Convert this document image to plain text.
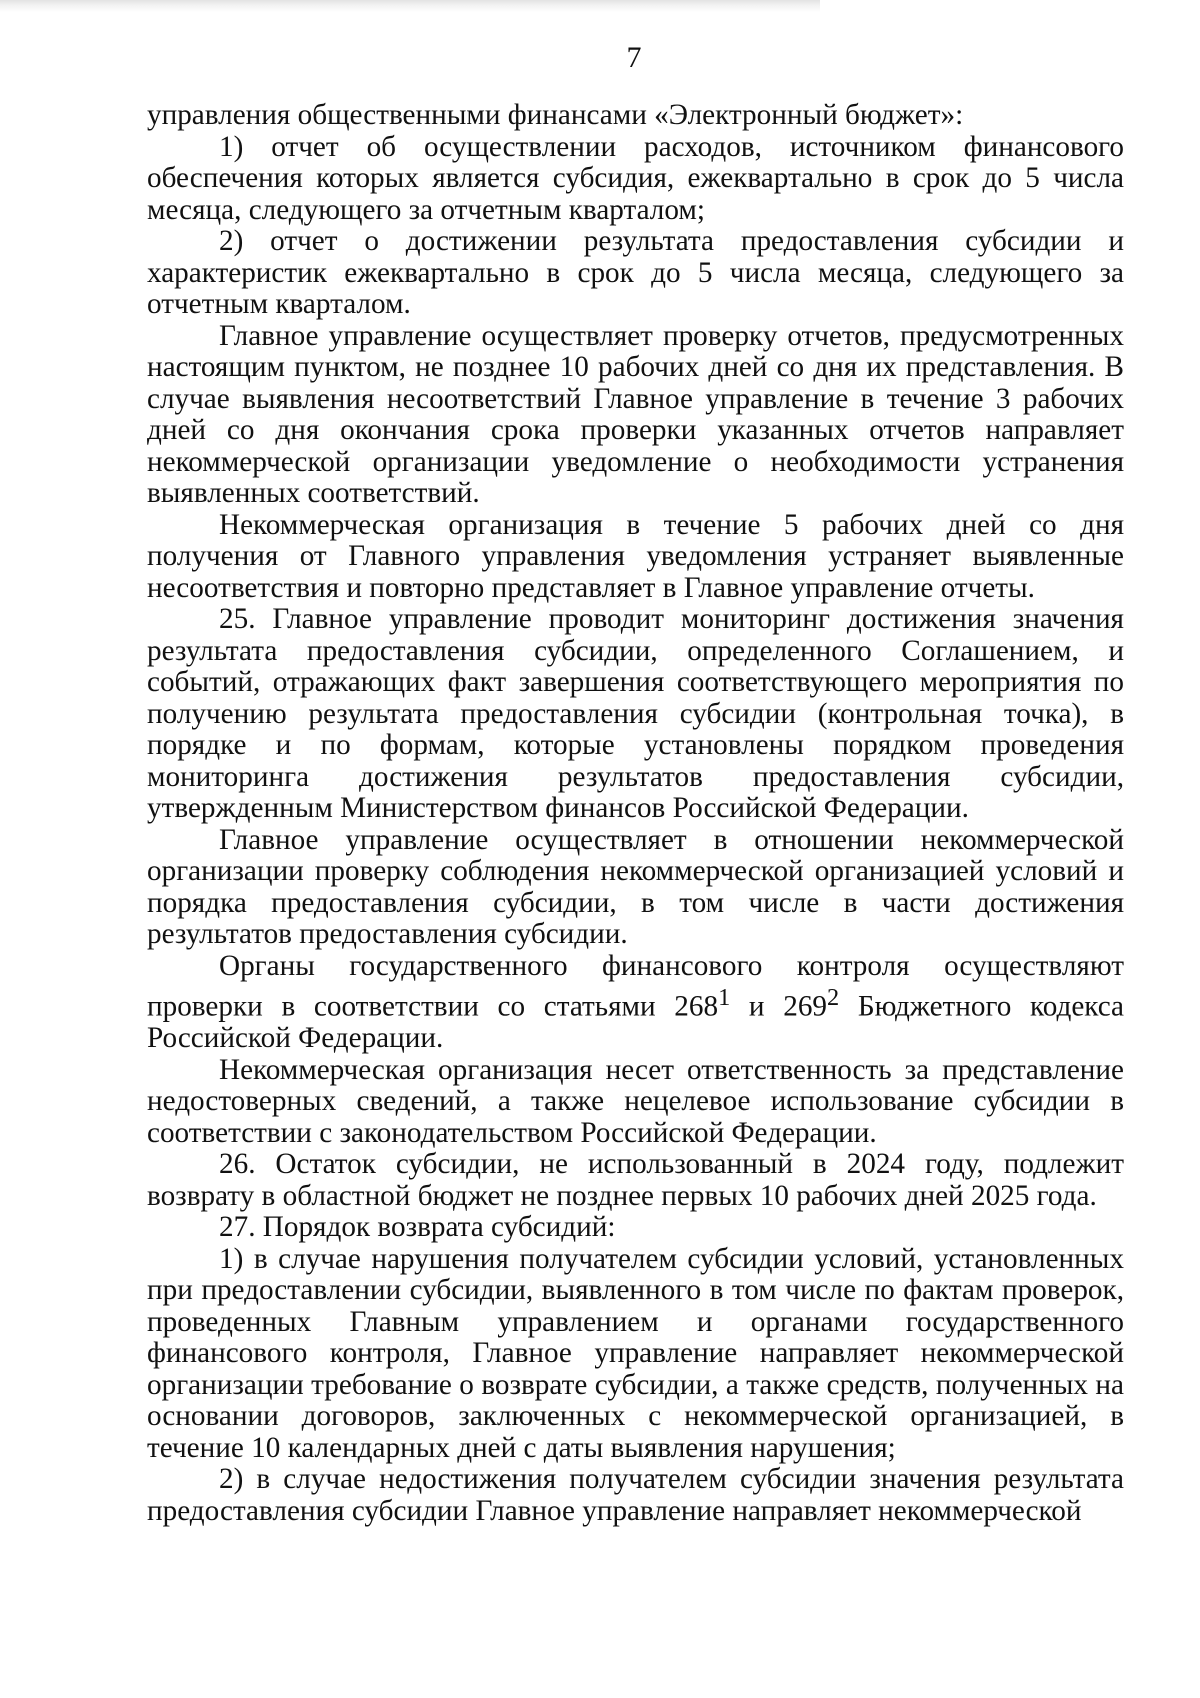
7

управления общественными финансами «Электронный бюджет»:

1) отчет об осуществлении расходов, источником финансового обеспечения которых является субсидия, ежеквартально в срок до 5 числа месяца, следующего за отчетным кварталом;

2) отчет о достижении результата предоставления субсидии и характеристик ежеквартально в срок до 5 числа месяца, следующего за отчетным кварталом.

Главное управление осуществляет проверку отчетов, предусмотренных настоящим пунктом, не позднее 10 рабочих дней со дня их представления. В случае выявления несоответствий Главное управление в течение 3 рабочих дней со дня окончания срока проверки указанных отчетов направляет некоммерческой организации уведомление о необходимости устранения выявленных соответствий.

Некоммерческая организация в течение 5 рабочих дней со дня получения от Главного управления уведомления устраняет выявленные несоответствия и повторно представляет в Главное управление отчеты.

25. Главное управление проводит мониторинг достижения значения результата предоставления субсидии, определенного Соглашением, и событий, отражающих факт завершения соответствующего мероприятия по получению результата предоставления субсидии (контрольная точка), в порядке и по формам, которые установлены порядком проведения мониторинга достижения результатов предоставления субсидии, утвержденным Министерством финансов Российской Федерации.

Главное управление осуществляет в отношении некоммерческой организации проверку соблюдения некоммерческой организацией условий и порядка предоставления субсидии, в том числе в части достижения результатов предоставления субсидии.

Органы государственного финансового контроля осуществляют проверки в соответствии со статьями $268^1$ и $269^2$ Бюджетного кодекса Российской Федерации.

Некоммерческая организация несет ответственность за представление недостоверных сведений, а также нецелевое использование субсидии в соответствии с законодательством Российской Федерации.

26. Остаток субсидии, не использованный в 2024 году, подлежит возврату в областной бюджет не позднее первых 10 рабочих дней 2025 года.

27. Порядок возврата субсидий:

1) в случае нарушения получателем субсидии условий, установленных при предоставлении субсидии, выявленного в том числе по фактам проверок, проведенных Главным управлением и органами государственного финансового контроля, Главное управление направляет некоммерческой организации требование о возврате субсидии, а также средств, полученных на основании договоров, заключенных с некоммерческой организацией, в течение 10 календарных дней с даты выявления нарушения;

2) в случае недостижения получателем субсидии значения результата предоставления субсидии Главное управление направляет некоммерческой
